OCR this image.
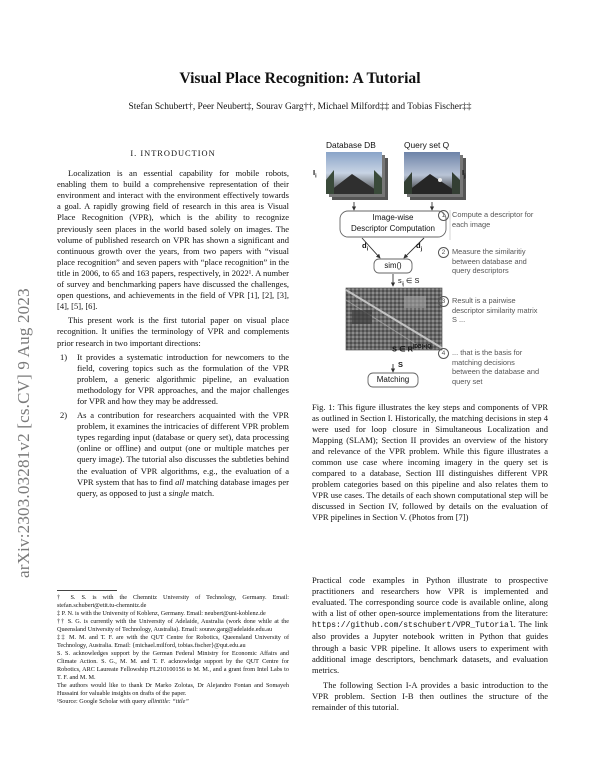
arXiv:2303.03281v2 [cs.CV] 9 Aug 2023
Visual Place Recognition: A Tutorial
Stefan Schubert†, Peer Neubert‡, Sourav Garg††, Michael Milford‡‡ and Tobias Fischer‡‡
I. INTRODUCTION

Localization is an essential capability for mobile robots, enabling them to build a comprehensive representation of their environment and interact with the environment effectively towards a goal. A rapidly growing field of research in this area is Visual Place Recognition (VPR), which is the ability to recognize previously seen places in the world based solely on images. The volume of published research on VPR has shown a significant and continuous growth over the years, from two papers with “visual place recognition” and seven papers with “place recognition” in the title in 2006, to 65 and 163 papers, respectively, in 2022¹. A number of survey and benchmarking papers have discussed the challenges, open questions, and achievements in the field of VPR [1], [2], [3], [4], [5], [6].

This present work is the first tutorial paper on visual place recognition. It unifies the terminology of VPR and complements prior research in two important directions:

1)	It provides a systematic introduction for newcomers to the field, covering topics such as the formulation of the VPR problem, a generic algorithmic pipeline, an evaluation methodology for VPR approaches, and the major challenges for VPR and how they may be addressed.
2)	As a contribution for researchers acquainted with the VPR problem, it examines the intricacies of different VPR problem types regarding input (database or query set), data processing (online or offline) and output (one or multiple matches per query image). The tutorial also discusses the subtleties behind the evaluation of VPR algorithms, e.g., the evaluation of a VPR system that has to find all matching database images per query, as opposed to just a single match.

† S. S. is with the Chemnitz University of Technology, Germany. Email: stefan.schubert@etit.tu-chemnitz.de

‡ P. N. is with the University of Koblenz, Germany. Email: neubert@uni-koblenz.de

†† S. G. is currently with the University of Adelaide, Australia (work done while at the Queensland University of Technology, Australia). Email: sourav.garg@adelaide.edu.au

‡‡ M. M. and T. F. are with the QUT Centre for Robotics, Queensland University of Technology, Australia. Email: {michael.milford, tobias.fischer}@qut.edu.au

S. S. acknowledges support by the German Federal Ministry for Economic Affairs and Climate Action. S. G., M. M. and T. F. acknowledge support by the QUT Centre for Robotics, ARC Laureate Fellowship FL210100156 to M. M., and a grant from Intel Labs to T. F. and M. M.

The authors would like to thank Dr Marko Zolotas, Dr Alejandro Fontan and Somayeh Hussaini for valuable insights on drafts of the paper.

¹Source: Google Scholar with query allintitle: “title”

Database DB	Query set Q
$I_i$	$I_j$
Image-wise
Descriptor Computation
$d_i$	$d_j$
sim()
$s_{ij}$ ∈ S
S ∈ $R^{|DB|\times|Q|}$
S
Matching
1 Compute a descriptor for each image
2 Measure the similaritiy between database and query descriptors
3 Result is a pairwise descriptor similarity matrix S ...
4 ... that is the basis for matching decisions between the database and query set

Fig. 1: This figure illustrates the key steps and components of VPR as outlined in Section I. Historically, the matching decisions in step 4 were used for loop closure in Simultaneous Localization and Mapping (SLAM); Section II provides an overview of the history and relevance of the VPR problem. While this figure illustrates a common use case where incoming imagery in the query set is compared to a database, Section III distinguishes different VPR problem categories based on this pipeline and also relates them to VPR use cases. The details of each shown computational step will be discussed in Section IV, followed by details on the evaluation of VPR pipelines in Section V. (Photos from [7])

Practical code examples in Python illustrate to prospective practitioners and researchers how VPR is implemented and evaluated. The corresponding source code is available online, along with a list of other open-source implementations from the literature: https://github.com/stschubert/VPR_Tutorial. The link also provides a Jupyter notebook written in Python that guides through a basic VPR pipeline. It allows users to experiment with additional image descriptors, benchmark datasets, and evaluation metrics.

The following Section I-A provides a basic introduction to the VPR problem. Section I-B then outlines the structure of the remainder of this tutorial.
